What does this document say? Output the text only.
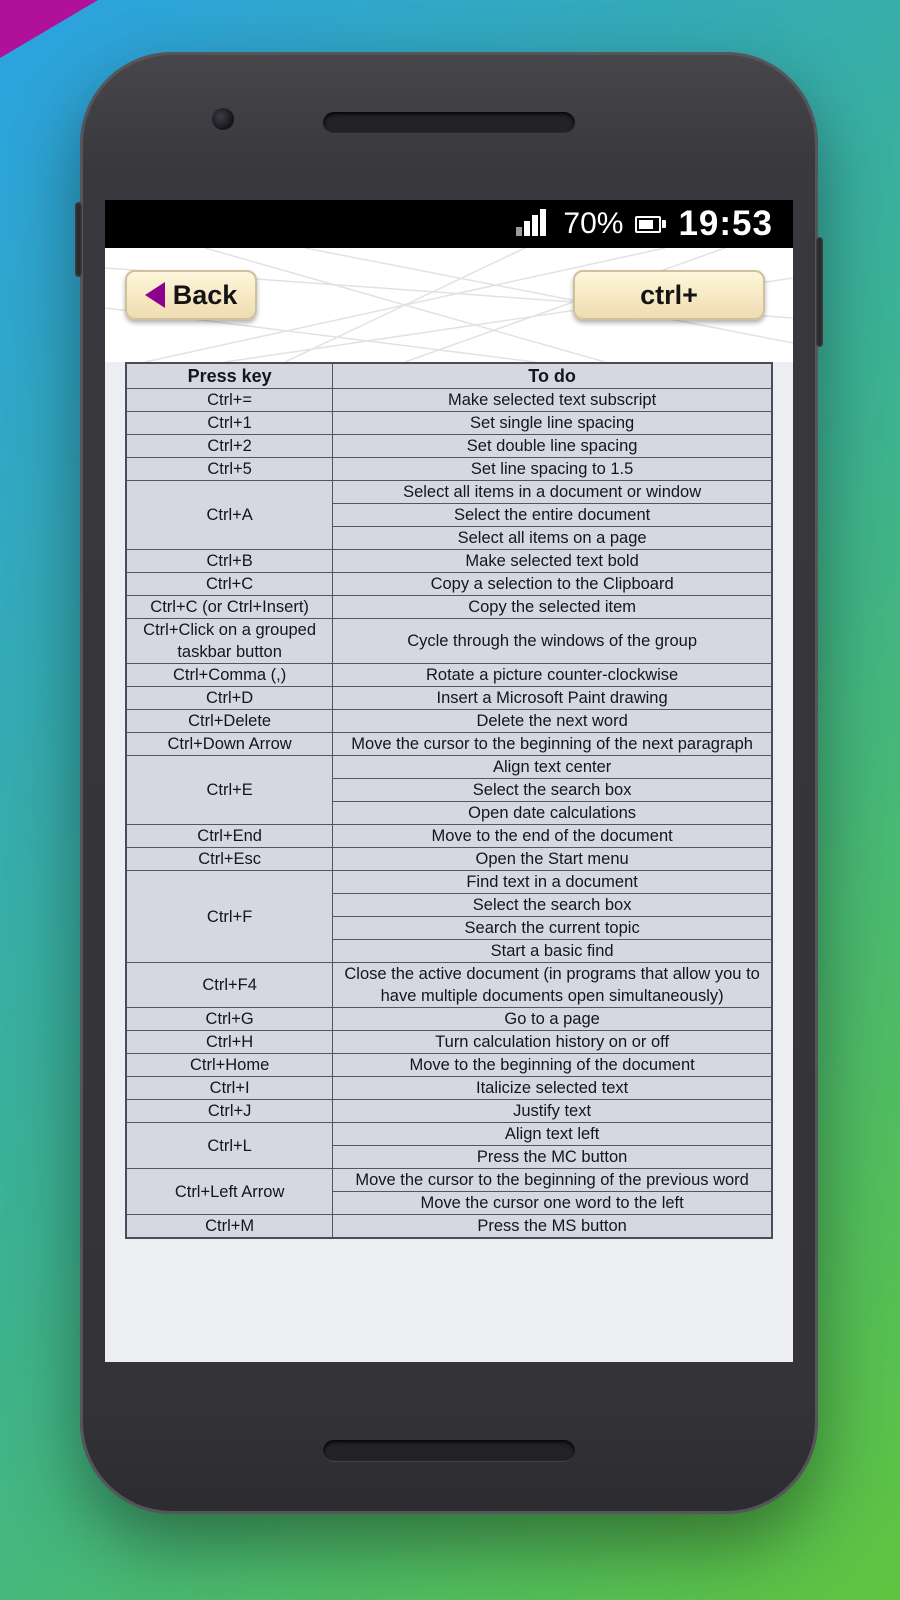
70% 19:53
Back	ctrl+
Press key	To do
Ctrl+=	Make selected text subscript
Ctrl+1	Set single line spacing
Ctrl+2	Set double line spacing
Ctrl+5	Set line spacing to 1.5
Ctrl+A	Select all items in a document or window
	Select the entire document
	Select all items on a page
Ctrl+B	Make selected text bold
Ctrl+C	Copy a selection to the Clipboard
Ctrl+C (or Ctrl+Insert)	Copy the selected item
Ctrl+Click on a grouped taskbar button	Cycle through the windows of the group
Ctrl+Comma (,)	Rotate a picture counter-clockwise
Ctrl+D	Insert a Microsoft Paint drawing
Ctrl+Delete	Delete the next word
Ctrl+Down Arrow	Move the cursor to the beginning of the next paragraph
Ctrl+E	Align text center
	Select the search box
	Open date calculations
Ctrl+End	Move to the end of the document
Ctrl+Esc	Open the Start menu
Ctrl+F	Find text in a document
	Select the search box
	Search the current topic
	Start a basic find
Ctrl+F4	Close the active document (in programs that allow you to have multiple documents open simultaneously)
Ctrl+G	Go to a page
Ctrl+H	Turn calculation history on or off
Ctrl+Home	Move to the beginning of the document
Ctrl+I	Italicize selected text
Ctrl+J	Justify text
Ctrl+L	Align text left
	Press the MC button
Ctrl+Left Arrow	Move the cursor to the beginning of the previous word
	Move the cursor one word to the left
Ctrl+M	Press the MS button
